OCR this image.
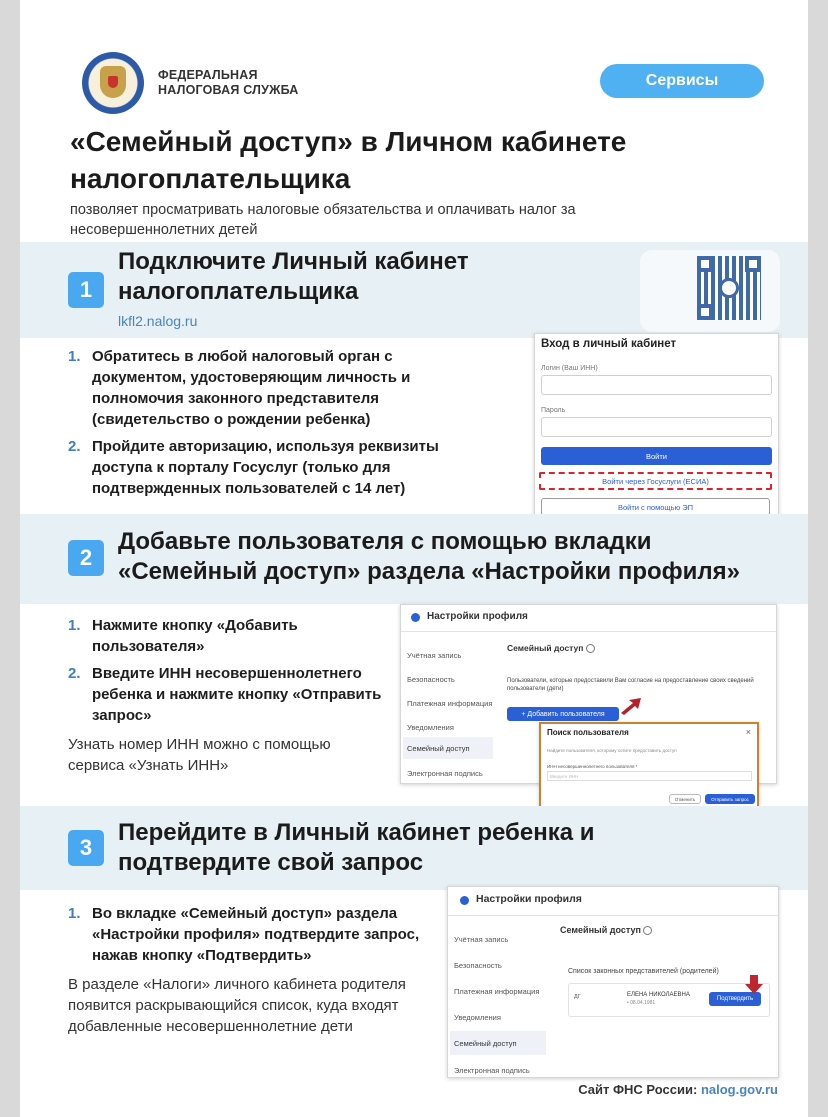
ФЕДЕРАЛЬНАЯ
НАЛОГОВАЯ СЛУЖБА
Сервисы
«Семейный доступ» в Личном кабинете
налогоплательщика
позволяет просматривать налоговые обязательства и оплачивать налог за несовершеннолетних детей
1
Подключите Личный кабинет
налогоплательщика
lkfl2.nalog.ru
1. Обратитесь в любой налоговый орган с документом, удостоверяющим личность и полномочия законного представителя (свидетельство о рождении ребенка)
2. Пройдите авторизацию, используя реквизиты доступа к порталу Госуслуг (только для подтвержденных пользователей с 14 лет)
Вход в личный кабинет
Логин (Ваш ИНН)
Пароль
Войти
Войти через Госуслуги (ЕСИА)
Войти с помощью ЭП
2
Добавьте пользователя с помощью вкладки
«Семейный доступ» раздела «Настройки профиля»
1. Нажмите кнопку «Добавить пользователя»
2. Введите ИНН несовершеннолетнего ребенка и нажмите кнопку «Отправить запрос»
Узнать номер ИНН можно с помощью сервиса «Узнать ИНН»
Настройки профиля
Учётная запись
Безопасность
Платежная информация
Уведомления
Семейный доступ
Электронная подпись
Семейный доступ
Пользователи, которые предоставили Вам согласие на предоставление своих сведений пользователи (дети)
+ Добавить пользователя
Поиск пользователя	×
Найдите пользователя, которому хотите предоставить доступ
ИНН несовершеннолетнего пользователя *
Введите ИНН
Отменить	Отправить запрос
3
Перейдите в Личный кабинет ребенка и
подтвердите свой запрос
1. Во вкладке «Семейный доступ» раздела «Настройки профиля» подтвердите запрос, нажав кнопку «Подтвердить»
В разделе «Налоги» личного кабинета родителя появится раскрывающийся список, куда входят добавленные несовершеннолетние дети
Настройки профиля
Учётная запись
Безопасность
Платежная информация
Уведомления
Семейный доступ
Электронная подпись
Семейный доступ
Список законных представителей (родителей)
ДГ	ЕЛЕНА НИКОЛАЕВНА
• 08.04.1981
Подтвердить
Сайт ФНС России: nalog.gov.ru
